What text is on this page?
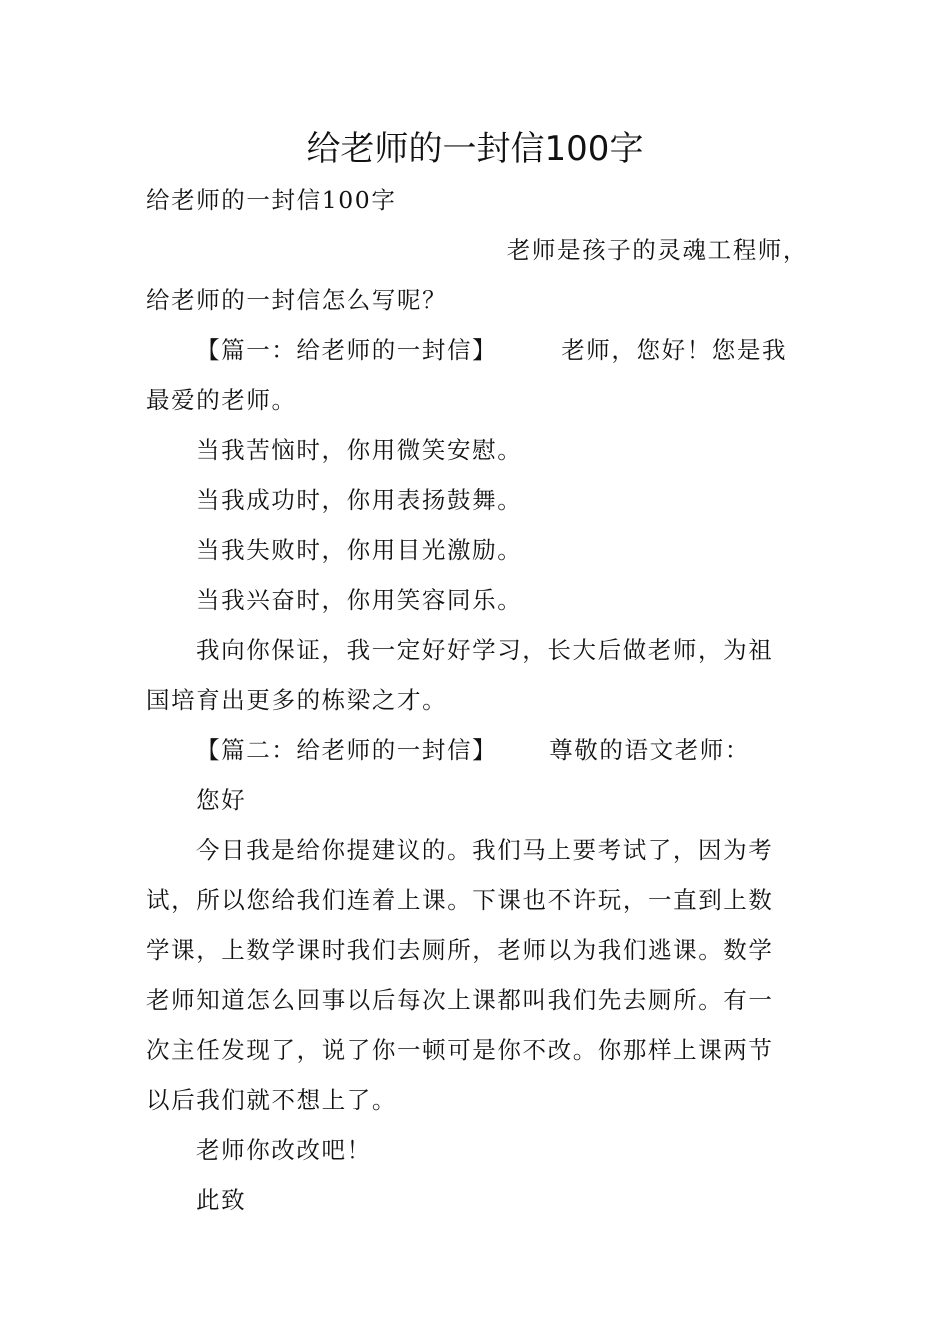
给老师的一封信100字
给老师的一封信100字
老师是孩子的灵魂工程师，
给老师的一封信怎么写呢？
【篇一：给老师的一封信】	老师，您好！您是我
最爱的老师。
当我苦恼时，你用微笑安慰。
当我成功时，你用表扬鼓舞。
当我失败时，你用目光激励。
当我兴奋时，你用笑容同乐。
我向你保证，我一定好好学习，长大后做老师，为祖
国培育出更多的栋梁之才。
【篇二：给老师的一封信】 尊敬的语文老师：
您好
今日我是给你提建议的。我们马上要考试了，因为考
试，所以您给我们连着上课。下课也不许玩，一直到上数
学课，上数学课时我们去厕所，老师以为我们逃课。数学
老师知道怎么回事以后每次上课都叫我们先去厕所。有一
次主任发现了，说了你一顿可是你不改。你那样上课两节
以后我们就不想上了。
老师你改改吧！
此致
